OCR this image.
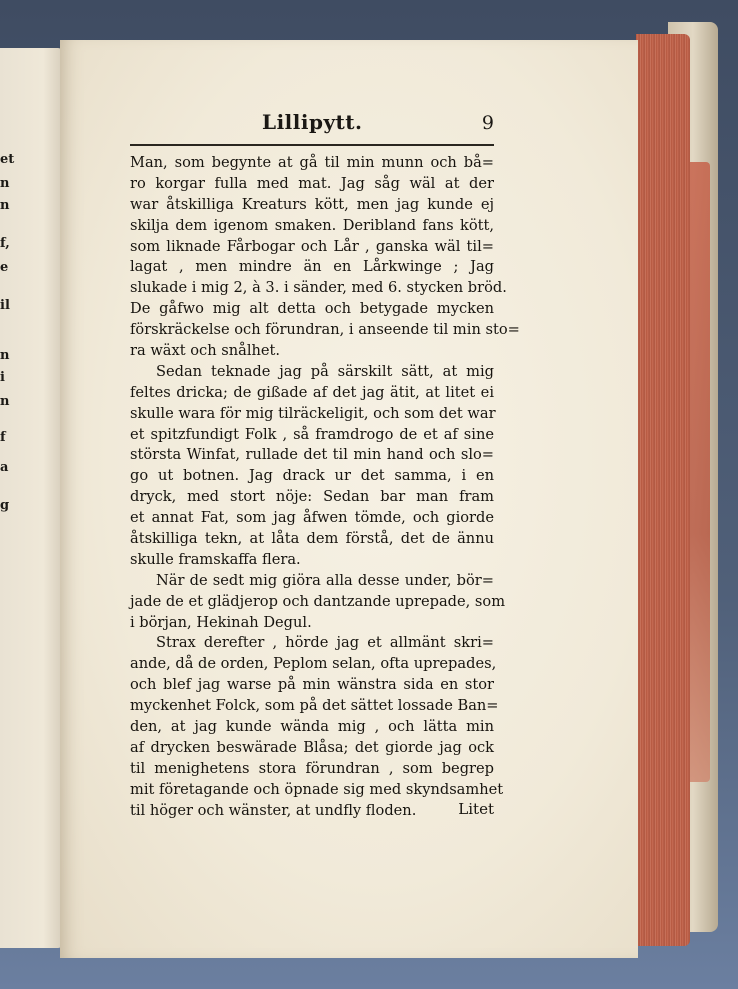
et
n
n
f,
e
il
n
i
n
f
a
g
Lillipytt.	9
Man, som begynte at gå til min munn och bå=
ro korgar fulla med mat. Jag såg wäl at der
war åtskilliga Kreaturs kött, men jag kunde ej
skilja dem igenom smaken. Deribland fans kött,
som liknade Fårbogar och Lår , ganska wäl til=
lagat , men mindre än en Lårkwinge ; Jag
slukade i mig 2, à 3. i sänder, med 6. stycken bröd.
De gåfwo mig alt detta och betygade mycken
förskräckelse och förundran, i anseende til min sto=
ra wäxt och snålhet.
Sedan teknade jag på särskilt sätt, at mig
feltes dricka; de gißade af det jag ätit, at litet ei
skulle wara för mig tilräckeligit, och som det war
et spitzfundigt Folk , så framdrogo de et af sine
största Winfat, rullade det til min hand och slo=
go ut botnen. Jag drack ur det samma, i en
dryck, med stort nöje: Sedan bar man fram
et annat Fat, som jag åfwen tömde, och giorde
åtskilliga tekn, at låta dem förstå, det de ännu
skulle framskaffa flera.
När de sedt mig giöra alla desse under, bör=
jade de et glädjerop och dantzande uprepade, som
i början, Hekinah Degul.
Strax derefter , hörde jag et allmänt skri=
ande, då de orden, Peplom selan, ofta uprepades,
och blef jag warse på min wänstra sida en stor
myckenhet Folck, som på det sättet lossade Ban=
den, at jag kunde wända mig , och lätta min
af drycken beswärade Blåsa; det giorde jag ock
til menighetens stora förundran , som begrep
mit företagande och öpnade sig med skyndsamhet
til höger och wänster, at undfly floden.	Litet
